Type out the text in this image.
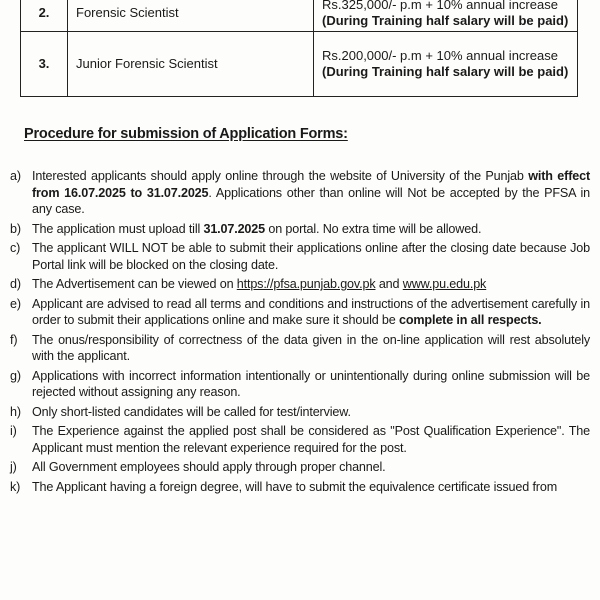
2.	Forensic Scientist	Rs.325,000/- p.m + 10% annual increase
(During Training half salary will be paid)

3.	Junior Forensic Scientist	Rs.200,000/- p.m + 10% annual increase
(During Training half salary will be paid)
Procedure for submission of Application Forms:
a) Interested applicants should apply online through the website of University of the Punjab with effect from 16.07.2025 to 31.07.2025. Applications other than online will Not be accepted by the PFSA in any case.
b) The application must upload till 31.07.2025 on portal. No extra time will be allowed.
c) The applicant WILL NOT be able to submit their applications online after the closing date because Job Portal link will be blocked on the closing date.
d) The Advertisement can be viewed on https://pfsa.punjab.gov.pk and www.pu.edu.pk
e) Applicant are advised to read all terms and conditions and instructions of the advertisement carefully in order to submit their applications online and make sure it should be complete in all respects.
f)	The onus/responsibility of correctness of the data given in the on-line application will rest absolutely with the applicant.
g) Applications with incorrect information intentionally or unintentionally during online submission will be rejected without assigning any reason.
h) Only short-listed candidates will be called for test/interview.
i)	The Experience against the applied post shall be considered as "Post Qualification Experience". The Applicant must mention the relevant experience required for the post.
j)	All Government employees should apply through proper channel.
k) The Applicant having a foreign degree, will have to submit the equivalence certificate issued from
